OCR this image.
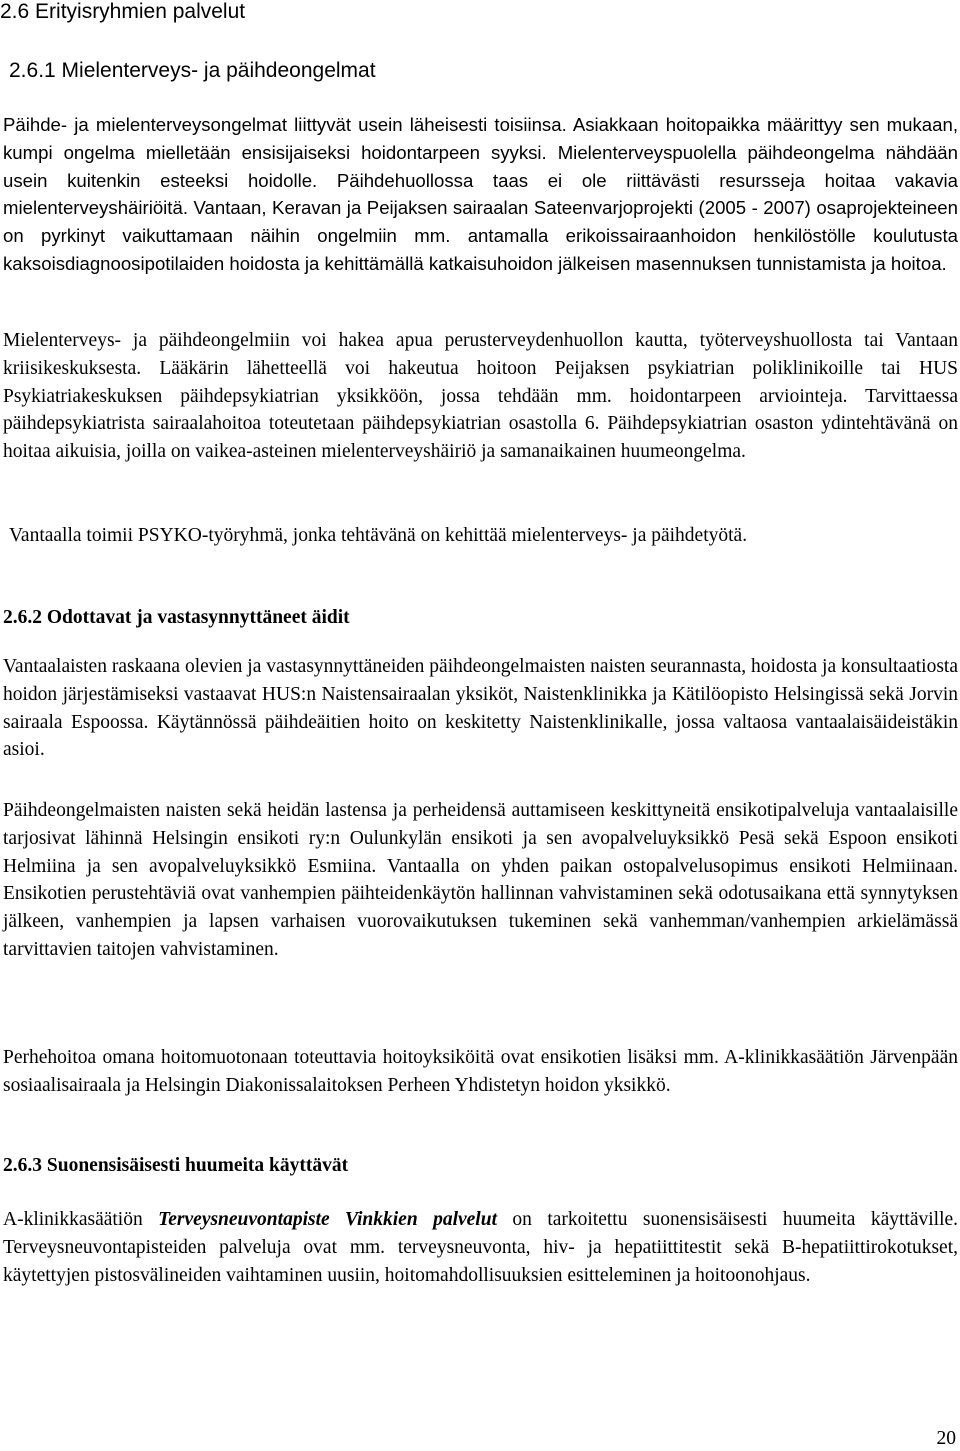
2.6 Erityisryhmien palvelut
2.6.1 Mielenterveys- ja päihdeongelmat

Päihde- ja mielenterveysongelmat liittyvät usein läheisesti toisiinsa. Asiakkaan hoitopaikka määrittyy sen mukaan, kumpi ongelma mielletään ensisijaiseksi hoidontarpeen syyksi. Mielenterveyspuolella päihdeongelma nähdään usein kuitenkin esteeksi hoidolle. Päihdehuollossa taas ei ole riittävästi resursseja hoitaa vakavia mielenterveyshäiriöitä. Vantaan, Keravan ja Peijaksen sairaalan Sateenvarjoprojekti (2005 - 2007) osaprojekteineen on pyrkinyt vaikuttamaan näihin ongelmiin mm. antamalla erikoissairaanhoidon henkilöstölle koulutusta kaksoisdiagnoosipotilaiden hoidosta ja kehittämällä katkaisuhoidon jälkeisen masennuksen tunnistamista ja hoitoa.

Mielenterveys- ja päihdeongelmiin voi hakea apua perusterveydenhuollon kautta, työterveyshuollosta tai Vantaan kriisikeskuksesta. Lääkärin lähetteellä voi hakeutua hoitoon Peijaksen psykiatrian poliklinikoille tai HUS Psykiatriakeskuksen päihdepsykiatrian yksikköön, jossa tehdään mm. hoidontarpeen arviointeja. Tarvittaessa päihdepsykiatrista sairaalahoitoa toteutetaan päihdepsykiatrian osastolla 6. Päihdepsykiatrian osaston ydintehtävänä on hoitaa aikuisia, joilla on vaikea-asteinen mielenterveyshäiriö ja samanaikainen huumeongelma.

Vantaalla toimii PSYKO-työryhmä, jonka tehtävänä on kehittää mielenterveys- ja päihdetyötä.

2.6.2 Odottavat ja vastasynnyttäneet äidit

Vantaalaisten raskaana olevien ja vastasynnyttäneiden päihdeongelmaisten naisten seurannasta, hoidosta ja konsultaatiosta hoidon järjestämiseksi vastaavat HUS:n Naistensairaalan yksiköt, Naistenklinikka ja Kätilöopisto Helsingissä sekä Jorvin sairaala Espoossa. Käytännössä päihdeäitien hoito on keskitetty Naistenklinikalle, jossa valtaosa vantaalaisäideistäkin asioi.

Päihdeongelmaisten naisten sekä heidän lastensa ja perheidensä auttamiseen keskittyneitä ensikotipalveluja vantaalaisille tarjosivat lähinnä Helsingin ensikoti ry:n Oulunkylän ensikoti ja sen avopalveluyksikkö Pesä sekä Espoon ensikoti Helmiina ja sen avopalveluyksikkö Esmiina. Vantaalla on yhden paikan ostopalvelusopimus ensikoti Helmiinaan. Ensikotien perustehtäviä ovat vanhempien päihteidenkäytön hallinnan vahvistaminen sekä odotusaikana että synnytyksen jälkeen, vanhempien ja lapsen varhaisen vuorovaikutuksen tukeminen sekä vanhemman/vanhempien arkielämässä tarvittavien taitojen vahvistaminen.

Perhehoitoa omana hoitomuotonaan toteuttavia hoitoyksiköitä ovat ensikotien lisäksi mm. A-klinikkasäätiön Järvenpään sosiaalisairaala ja Helsingin Diakonissalaitoksen Perheen Yhdistetyn hoidon yksikkö.

2.6.3 Suonensisäisesti huumeita käyttävät

A-klinikkasäätiön Terveysneuvontapiste Vinkkien palvelut on tarkoitettu suonensisäisesti huumeita käyttäville. Terveysneuvontapisteiden palveluja ovat mm. terveysneuvonta, hiv- ja hepatiittitestit sekä B-hepatiittirokotukset, käytettyjen pistosvälineiden vaihtaminen uusiin, hoitomahdollisuuksien esitteleminen ja hoitoonohjaus.

20
